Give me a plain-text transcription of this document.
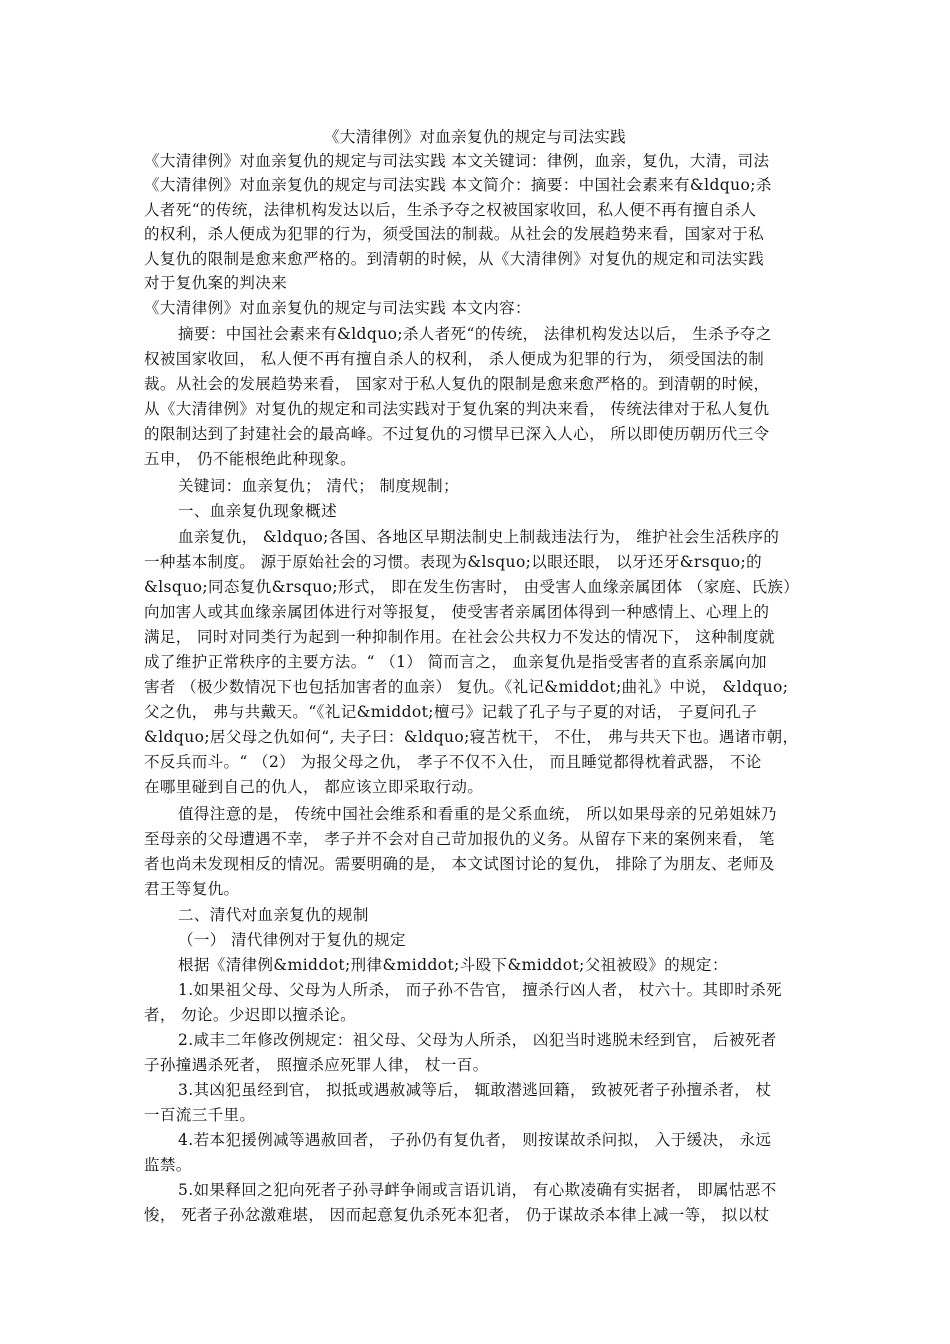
《大清律例》对血亲复仇的规定与司法实践
《大清律例》对血亲复仇的规定与司法实践 本文关键词：律例，血亲，复仇，大清，司法
《大清律例》对血亲复仇的规定与司法实践 本文简介：摘要：中国社会素来有&ldquo;杀
人者死“的传统，法律机构发达以后，生杀予夺之权被国家收回，私人便不再有擅自杀人
的权利，杀人便成为犯罪的行为，须受国法的制裁。从社会的发展趋势来看，国家对于私
人复仇的限制是愈来愈严格的。到清朝的时候，从《大清律例》对复仇的规定和司法实践
对于复仇案的判决来
《大清律例》对血亲复仇的规定与司法实践 本文内容：
摘要：中国社会素来有&ldquo;杀人者死“的传统， 法律机构发达以后， 生杀予夺之
权被国家收回， 私人便不再有擅自杀人的权利， 杀人便成为犯罪的行为， 须受国法的制
裁。从社会的发展趋势来看， 国家对于私人复仇的限制是愈来愈严格的。到清朝的时候，
从《大清律例》对复仇的规定和司法实践对于复仇案的判决来看， 传统法律对于私人复仇
的限制达到了封建社会的最高峰。不过复仇的习惯早已深入人心， 所以即使历朝历代三令
五申， 仍不能根绝此种现象。
关键词：血亲复仇； 清代； 制度规制；
一、血亲复仇现象概述
血亲复仇， &ldquo;各国、各地区早期法制史上制裁违法行为， 维护社会生活秩序的
一种基本制度。 源于原始社会的习惯。表现为&lsquo;以眼还眼， 以牙还牙&rsquo;的
&lsquo;同态复仇&rsquo;形式， 即在发生伤害时， 由受害人血缘亲属团体 （家庭、氏族）
向加害人或其血缘亲属团体进行对等报复， 使受害者亲属团体得到一种感情上、心理上的
满足， 同时对同类行为起到一种抑制作用。在社会公共权力不发达的情况下， 这种制度就
成了维护正常秩序的主要方法。“ （1） 简而言之， 血亲复仇是指受害者的直系亲属向加
害者 （极少数情况下也包括加害者的血亲） 复仇。《礼记&middot;曲礼》中说， &ldquo;
父之仇， 弗与共戴天。“《礼记&middot;檀弓》记载了孔子与子夏的对话， 子夏问孔子
&ldquo;居父母之仇如何“, 夫子曰：&ldquo;寝苫枕干， 不仕， 弗与共天下也。遇诸市朝，
不反兵而斗。“ （2） 为报父母之仇， 孝子不仅不入仕， 而且睡觉都得枕着武器， 不论
在哪里碰到自己的仇人， 都应该立即采取行动。
值得注意的是， 传统中国社会维系和看重的是父系血统， 所以如果母亲的兄弟姐妹乃
至母亲的父母遭遇不幸， 孝子并不会对自己苛加报仇的义务。从留存下来的案例来看， 笔
者也尚未发现相反的情况。需要明确的是， 本文试图讨论的复仇， 排除了为朋友、老师及
君王等复仇。
二、清代对血亲复仇的规制
（一） 清代律例对于复仇的规定
根据《清律例&middot;刑律&middot;斗殴下&middot;父祖被殴》的规定：
1.如果祖父母、父母为人所杀， 而子孙不告官， 擅杀行凶人者， 杖六十。其即时杀死
者， 勿论。少迟即以擅杀论。
2.咸丰二年修改例规定：祖父母、父母为人所杀， 凶犯当时逃脱未经到官， 后被死者
子孙撞遇杀死者， 照擅杀应死罪人律， 杖一百。
3.其凶犯虽经到官， 拟抵或遇赦减等后， 辄敢潜逃回籍， 致被死者子孙擅杀者， 杖
一百流三千里。
4.若本犯援例减等遇赦回者， 子孙仍有复仇者， 则按谋故杀问拟， 入于缓决， 永远
监禁。
5.如果释回之犯向死者子孙寻衅争闹或言语讥诮， 有心欺凌确有实据者， 即属怙恶不
悛， 死者子孙忿激难堪， 因而起意复仇杀死本犯者， 仍于谋故杀本律上减一等， 拟以杖
